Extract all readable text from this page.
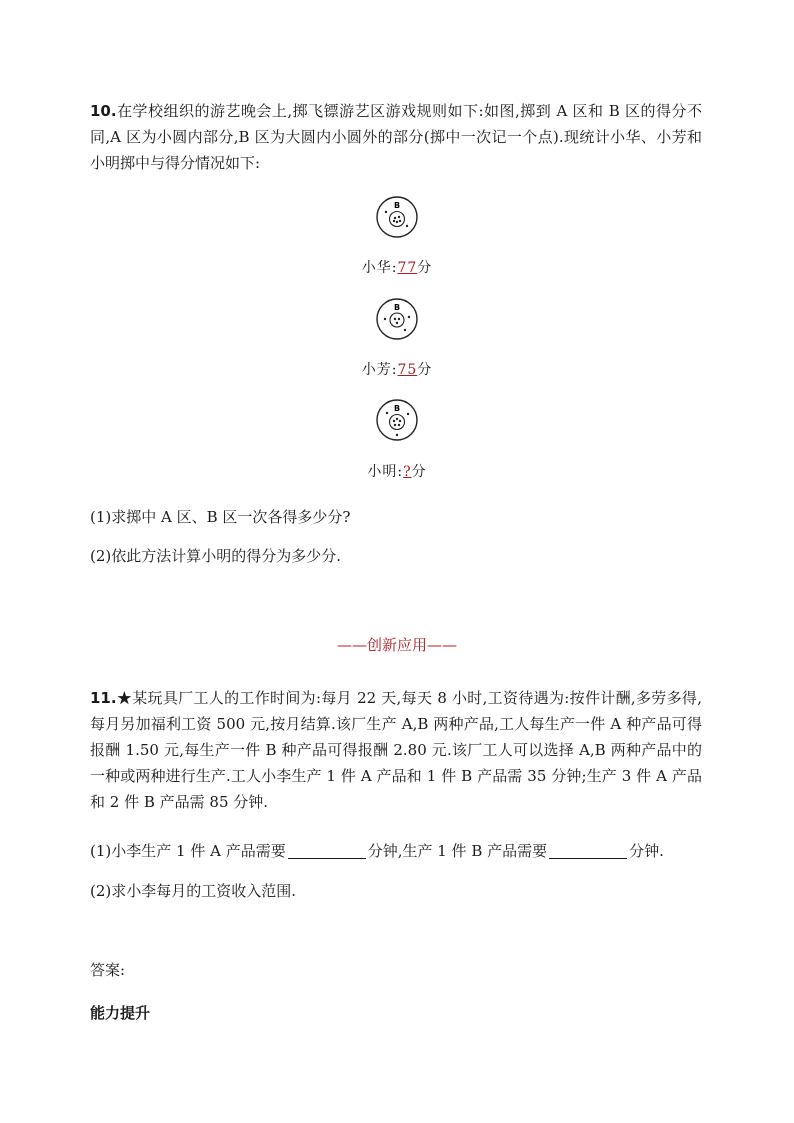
10.在学校组织的游艺晚会上,掷飞镖游艺区游戏规则如下:如图,掷到 A 区和 B 区的得分不同,A 区为小圆内部分,B 区为大圆内小圆外的部分(掷中一次记一个点).现统计小华、小芳和小明掷中与得分情况如下:

B
小华:77分
B
小芳:75分
B
小明:?分

(1)求掷中 A 区、B 区一次各得多少分?

(2)依此方法计算小明的得分为多少分.

——创新应用——

11.★某玩具厂工人的工作时间为:每月 22 天,每天 8 小时,工资待遇为:按件计酬,多劳多得,每月另加福利工资 500 元,按月结算.该厂生产 A,B 两种产品,工人每生产一件 A 种产品可得报酬 1.50 元,每生产一件 B 种产品可得报酬 2.80 元.该厂工人可以选择 A,B 两种产品中的一种或两种进行生产.工人小李生产 1 件 A 产品和 1 件 B 产品需 35 分钟;生产 3 件 A 产品和 2 件 B 产品需 85 分钟.

(1)小李生产 1 件 A 产品需要	分钟,生产 1 件 B 产品需要	分钟.

(2)求小李每月的工资收入范围.

答案:

能力提升
